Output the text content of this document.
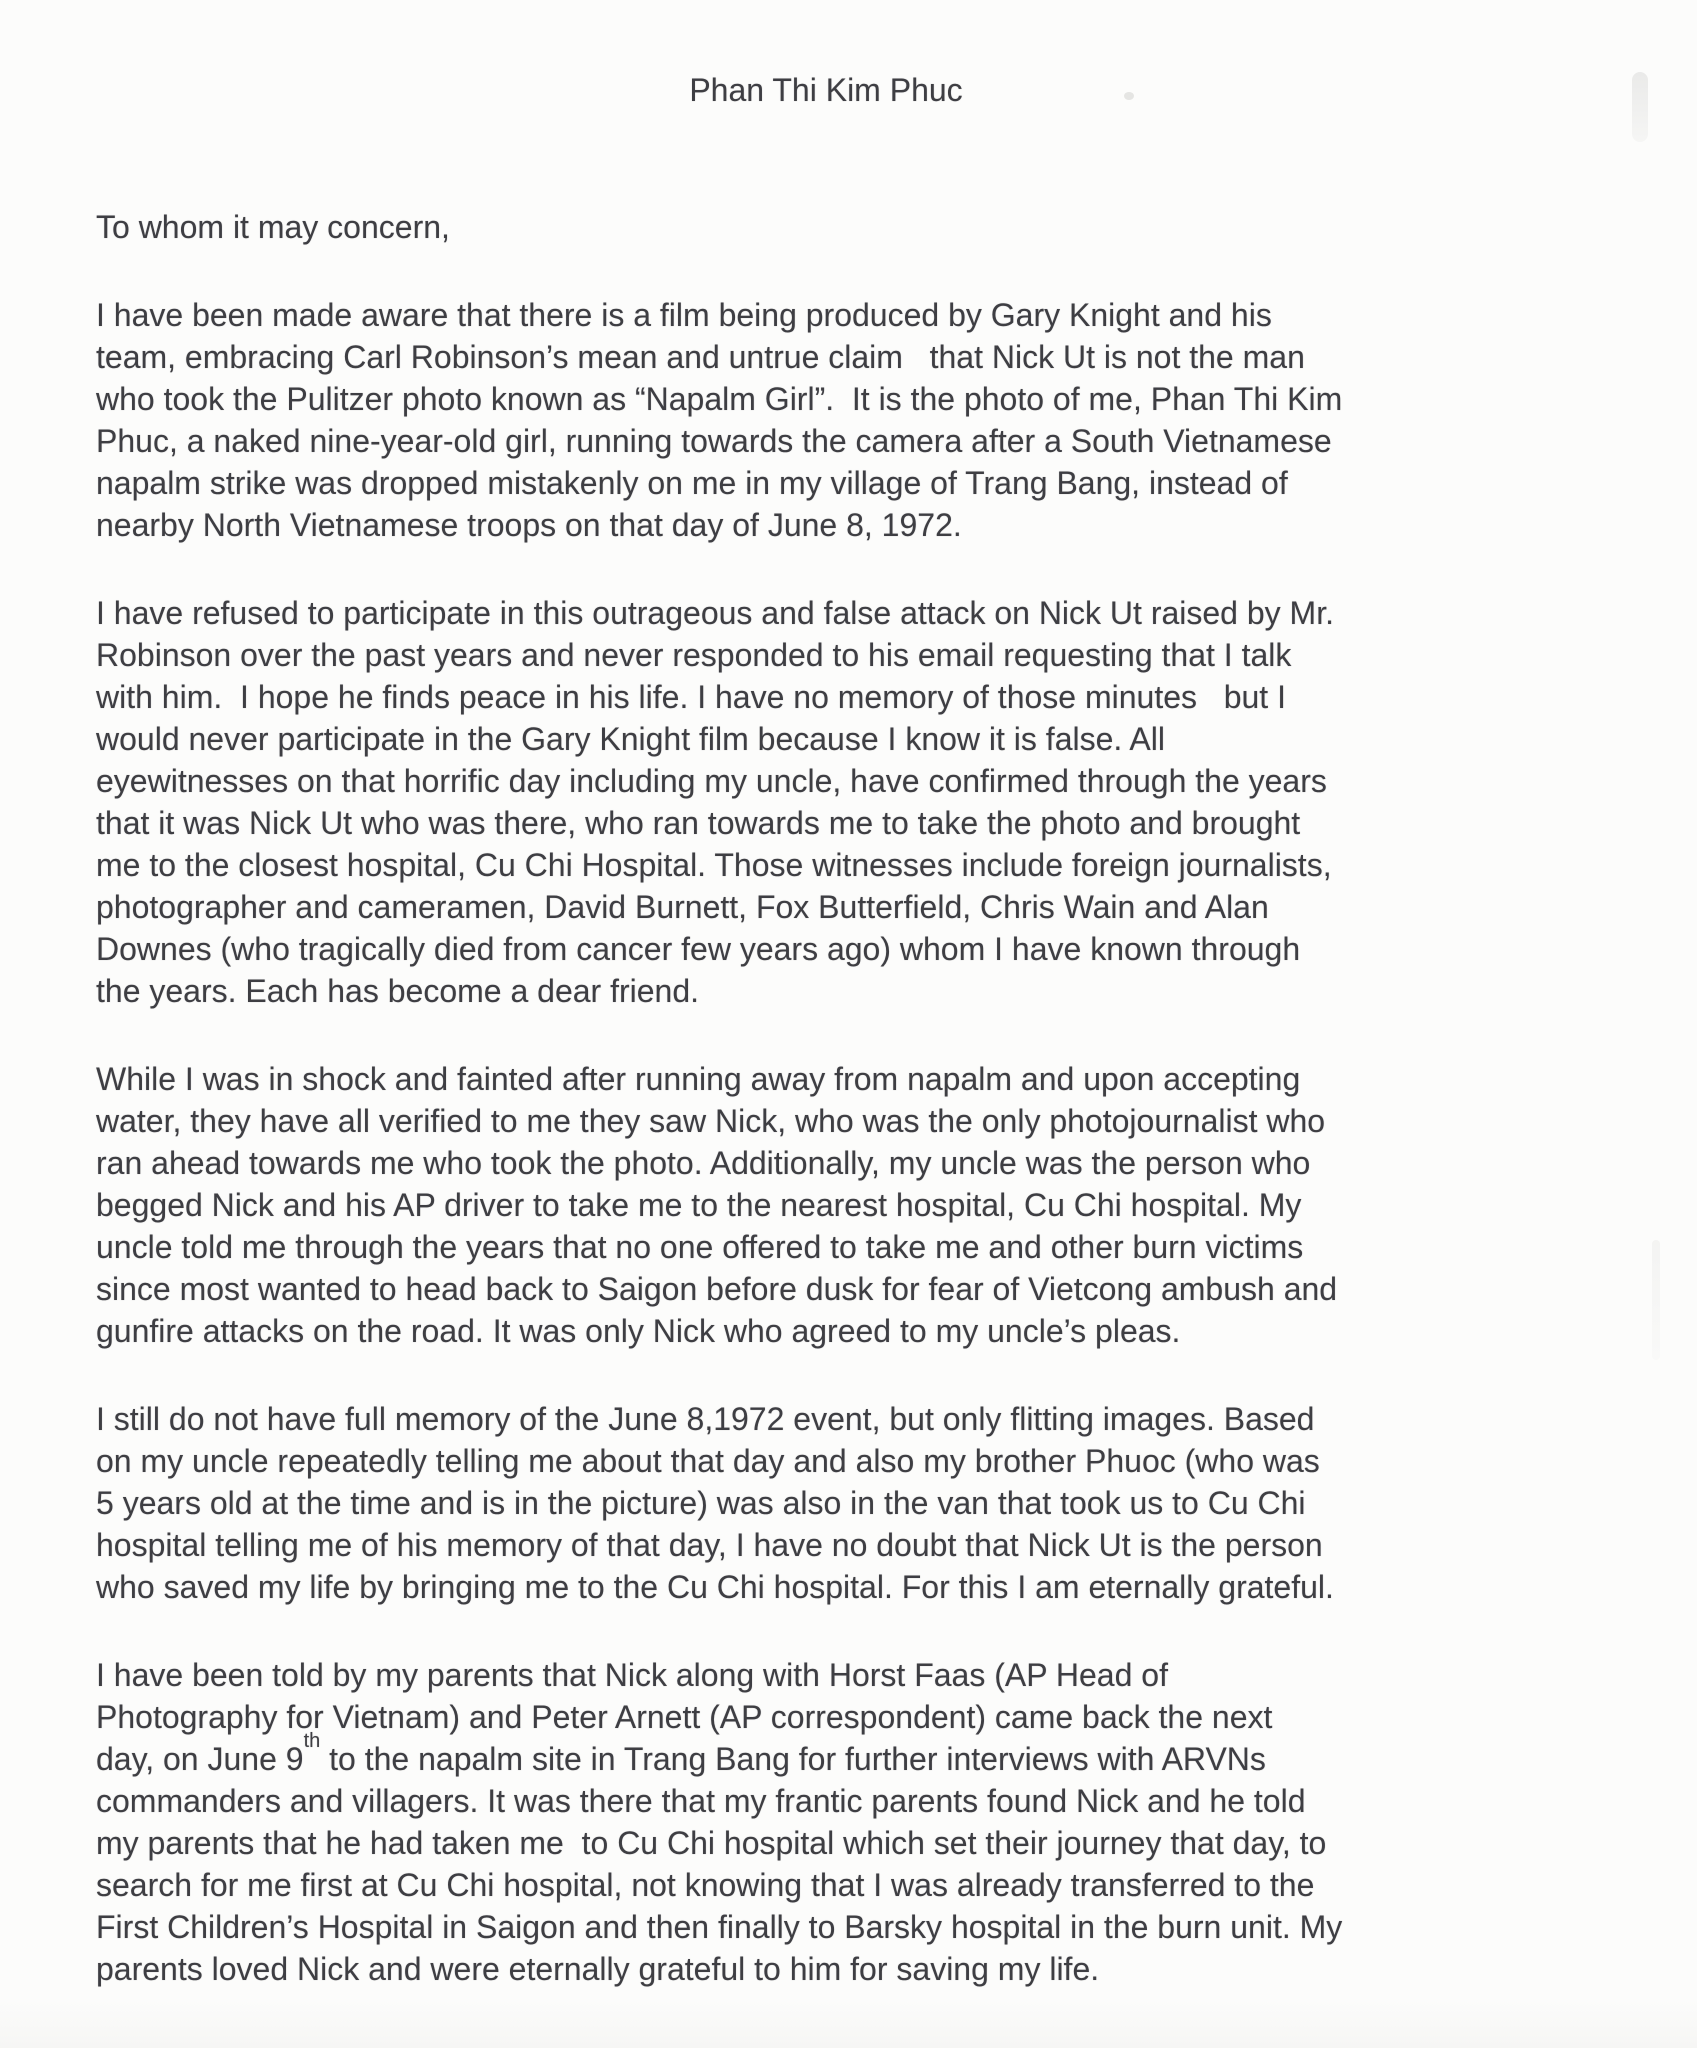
Phan Thi Kim Phuc
To whom it may concern,
I have been made aware that there is a film being produced by Gary Knight and his
team, embracing Carl Robinson’s mean and untrue claim   that Nick Ut is not the man
who took the Pulitzer photo known as “Napalm Girl”.  It is the photo of me, Phan Thi Kim
Phuc, a naked nine-year-old girl, running towards the camera after a South Vietnamese
napalm strike was dropped mistakenly on me in my village of Trang Bang, instead of
nearby North Vietnamese troops on that day of June 8, 1972.
I have refused to participate in this outrageous and false attack on Nick Ut raised by Mr.
Robinson over the past years and never responded to his email requesting that I talk
with him.  I hope he finds peace in his life. I have no memory of those minutes   but I
would never participate in the Gary Knight film because I know it is false. All
eyewitnesses on that horrific day including my uncle, have confirmed through the years
that it was Nick Ut who was there, who ran towards me to take the photo and brought
me to the closest hospital, Cu Chi Hospital. Those witnesses include foreign journalists,
photographer and cameramen, David Burnett, Fox Butterfield, Chris Wain and Alan
Downes (who tragically died from cancer few years ago) whom I have known through
the years. Each has become a dear friend.
While I was in shock and fainted after running away from napalm and upon accepting
water, they have all verified to me they saw Nick, who was the only photojournalist who
ran ahead towards me who took the photo. Additionally, my uncle was the person who
begged Nick and his AP driver to take me to the nearest hospital, Cu Chi hospital. My
uncle told me through the years that no one offered to take me and other burn victims
since most wanted to head back to Saigon before dusk for fear of Vietcong ambush and
gunfire attacks on the road. It was only Nick who agreed to my uncle’s pleas.
I still do not have full memory of the June 8,1972 event, but only flitting images. Based
on my uncle repeatedly telling me about that day and also my brother Phuoc (who was
5 years old at the time and is in the picture) was also in the van that took us to Cu Chi
hospital telling me of his memory of that day, I have no doubt that Nick Ut is the person
who saved my life by bringing me to the Cu Chi hospital. For this I am eternally grateful.
I have been told by my parents that Nick along with Horst Faas (AP Head of
Photography for Vietnam) and Peter Arnett (AP correspondent) came back the next
day, on June 9th to the napalm site in Trang Bang for further interviews with ARVNs
commanders and villagers. It was there that my frantic parents found Nick and he told
my parents that he had taken me  to Cu Chi hospital which set their journey that day, to
search for me first at Cu Chi hospital, not knowing that I was already transferred to the
First Children’s Hospital in Saigon and then finally to Barsky hospital in the burn unit. My
parents loved Nick and were eternally grateful to him for saving my life.
